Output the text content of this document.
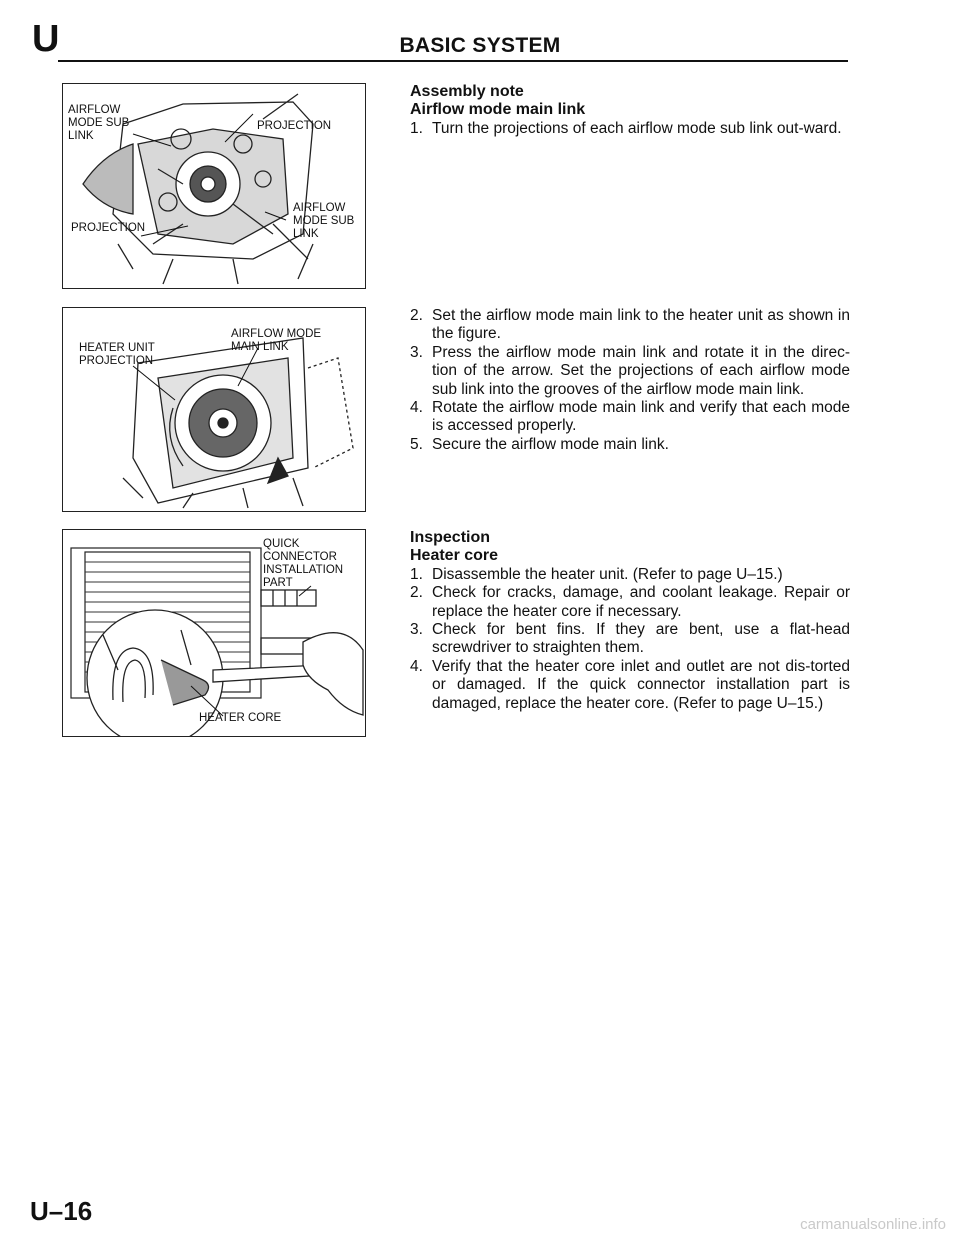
U	BASIC SYSTEM
AIRFLOW
MODE SUB
LINK
PROJECTION
PROJECTION
AIRFLOW
MODE SUB
LINK
HEATER UNIT
PROJECTION
AIRFLOW MODE
MAIN LINK
QUICK
CONNECTOR
INSTALLATION
PART
HEATER CORE
Assembly note
Airflow mode main link
1. Turn the projections of each airflow mode sub link out-ward.
2. Set the airflow mode main link to the heater unit as shown in the figure.
3. Press the airflow mode main link and rotate it in the direc-tion of the arrow. Set the projections of each airflow mode sub link into the grooves of the airflow mode main link.
4. Rotate the airflow mode main link and verify that each mode is accessed properly.
5. Secure the airflow mode main link.
Inspection
Heater core
1. Disassemble the heater unit. (Refer to page U–15.)
2. Check for cracks, damage, and coolant leakage. Repair or replace the heater core if necessary.
3. Check for bent fins. If they are bent, use a flat-head screwdriver to straighten them.
4. Verify that the heater core inlet and outlet are not dis-torted or damaged. If the quick connector installation part is damaged, replace the heater core. (Refer to page U–15.)
U–16	carmanualsonline.info
